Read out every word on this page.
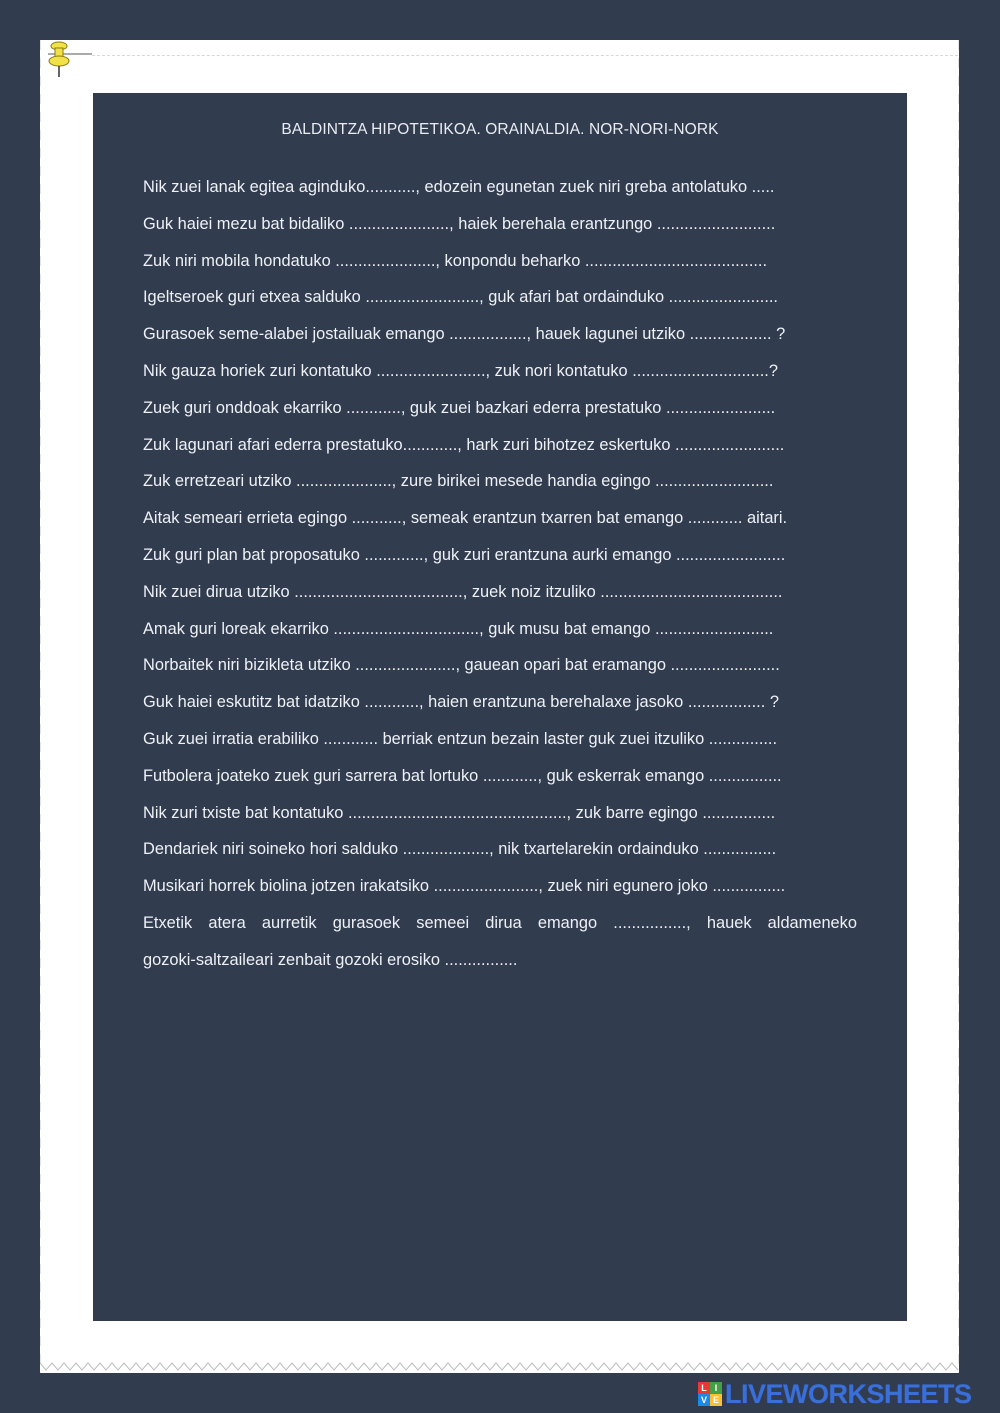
BALDINTZA HIPOTETIKOA. ORAINALDIA. NOR-NORI-NORK
Nik zuei lanak egitea aginduko..........., edozein egunetan zuek niri greba antolatuko .....
Guk haiei mezu bat bidaliko ......................, haiek berehala erantzungo ..........................
Zuk niri mobila hondatuko ......................, konpondu beharko ........................................
Igeltseroek guri etxea salduko ........................., guk afari bat ordainduko ........................
Gurasoek seme-alabei jostailuak emango ................., hauek lagunei utziko .................. ?
Nik gauza horiek zuri kontatuko ........................, zuk nori kontatuko ..............................?
Zuek guri onddoak ekarriko ............, guk zuei bazkari ederra prestatuko ........................
Zuk lagunari afari ederra prestatuko............, hark zuri bihotzez eskertuko ........................
Zuk erretzeari utziko ....................., zure birikei mesede handia egingo ..........................
Aitak semeari errieta egingo ..........., semeak erantzun txarren bat emango ............ aitari.
Zuk guri plan bat proposatuko ............., guk zuri erantzuna aurki emango ........................
Nik zuei dirua utziko ....................................., zuek noiz itzuliko ........................................
Amak guri loreak ekarriko ................................, guk musu bat emango ..........................
Norbaitek niri bizikleta utziko ......................, gauean opari bat eramango ........................
Guk haiei eskutitz bat idatziko ............, haien erantzuna berehalaxe jasoko ................. ?
Guk zuei irratia erabiliko ............ berriak entzun bezain laster guk zuei itzuliko ...............
Futbolera joateko zuek guri sarrera bat lortuko ............, guk eskerrak emango ................
Nik zuri txiste bat kontatuko ................................................, zuk barre egingo ................
Dendariek niri soineko hori salduko ..................., nik txartelarekin ordainduko ................
Musikari horrek biolina jotzen irakatsiko ......................., zuek niri egunero joko ................
Etxetik atera aurretik gurasoek semeei dirua emango ................, hauek aldameneko
gozoki-saltzaileari zenbait gozoki erosiko ................
L I
V E LIVEWORKSHEETS
